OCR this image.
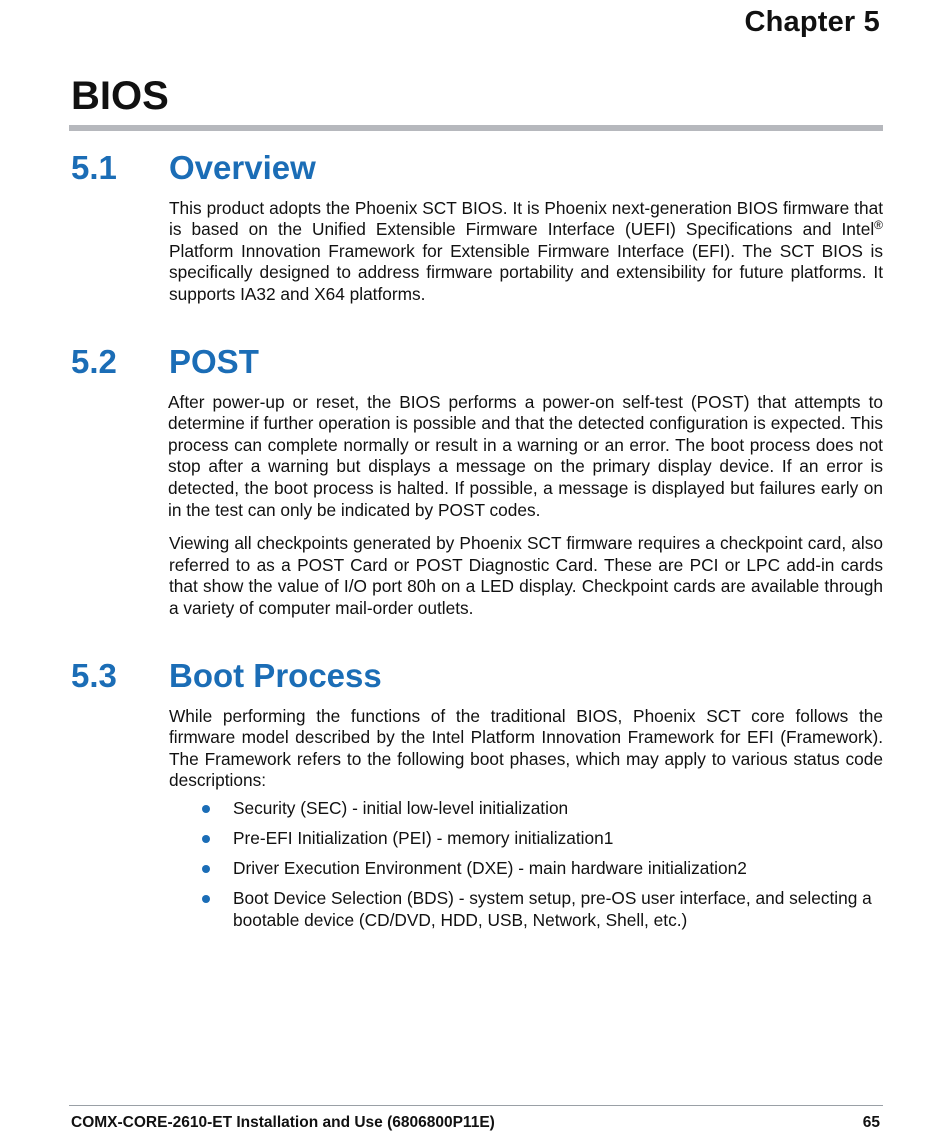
Chapter 5
BIOS
5.1	Overview

This product adopts the Phoenix SCT BIOS. It is Phoenix next-generation BIOS firmware that is based on the Unified Extensible Firmware Interface (UEFI) Specifications and Intel® Platform Innovation Framework for Extensible Firmware Interface (EFI). The SCT BIOS is specifically designed to address firmware portability and extensibility for future platforms. It supports IA32 and X64 platforms.

5.2	POST

After power-up or reset, the BIOS performs a power-on self-test (POST) that attempts to determine if further operation is possible and that the detected configuration is expected. This process can complete normally or result in a warning or an error. The boot process does not stop after a warning but displays a message on the primary display device. If an error is detected, the boot process is halted. If possible, a message is displayed but failures early on in the test can only be indicated by POST codes.

Viewing all checkpoints generated by Phoenix SCT firmware requires a checkpoint card, also referred to as a POST Card or POST Diagnostic Card. These are PCI or LPC add-in cards that show the value of I/O port 80h on a LED display. Checkpoint cards are available through a variety of computer mail-order outlets.

5.3	Boot Process

While performing the functions of the traditional BIOS, Phoenix SCT core follows the firmware model described by the Intel Platform Innovation Framework for EFI (Framework). The Framework refers to the following boot phases, which may apply to various status code descriptions:

Security (SEC) - initial low-level initialization
Pre-EFI Initialization (PEI) - memory initialization1
Driver Execution Environment (DXE) - main hardware initialization2
Boot Device Selection (BDS) - system setup, pre-OS user interface, and selecting a bootable device (CD/DVD, HDD, USB, Network, Shell, etc.)
COMX-CORE-2610-ET Installation and Use (6806800P11E)	65
